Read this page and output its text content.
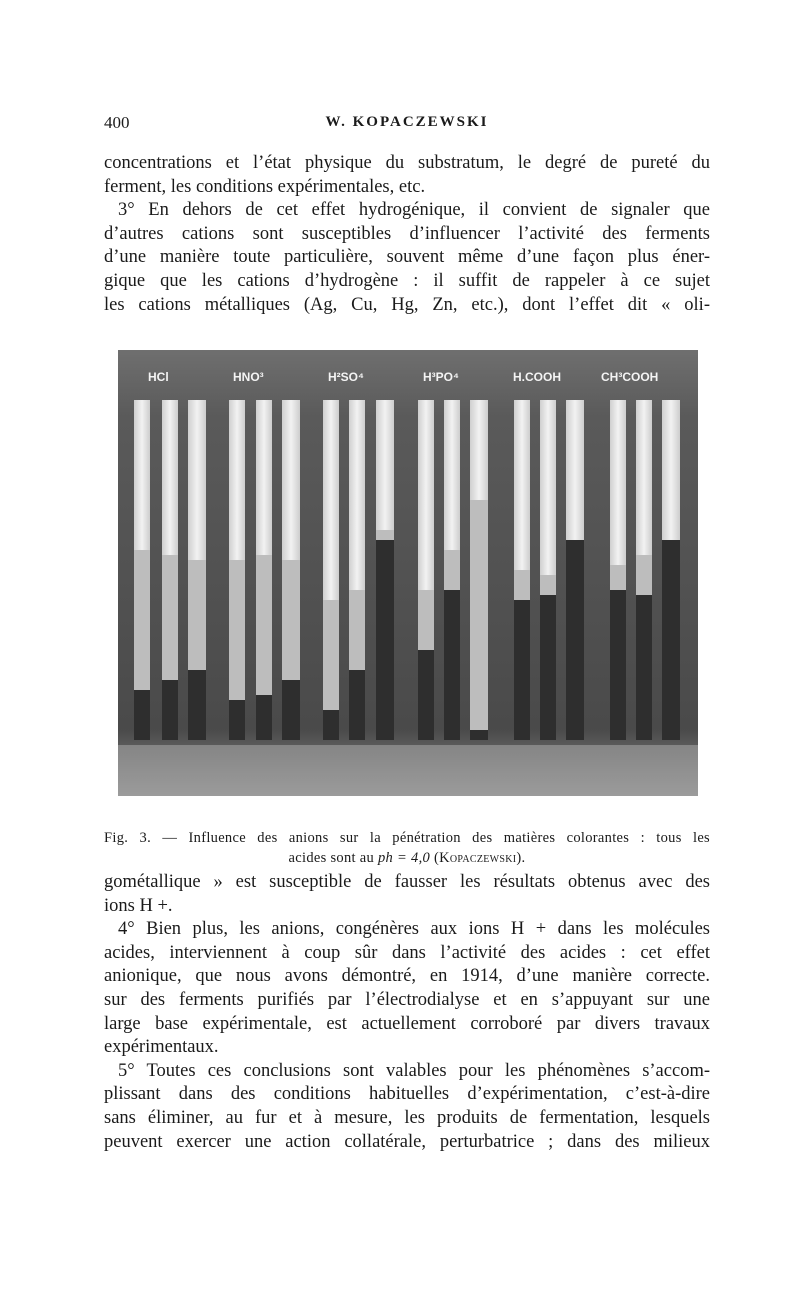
400	W. KOPACZEWSKI
concentrations et l’état physique du substratum, le degré de pureté du
ferment, les conditions expérimentales, etc.
3° En dehors de cet effet hydrogénique, il convient de signaler que
d’autres cations sont susceptibles d’influencer l’activité des ferments
d’une manière toute particulière, souvent même d’une façon plus éner-
gique que les cations d’hydrogène : il suffit de rappeler à ce sujet
les cations métalliques (Ag, Cu, Hg, Zn, etc.), dont l’effet dit « oli-
HCl	HNO³	H²SO⁴	H³PO⁴	H.COOH	CH³COOH
Fig. 3. — Influence des anions sur la pénétration des matières colorantes : tous les
acides sont au ph = 4,0 (Kopaczewski).
gométallique » est susceptible de fausser les résultats obtenus avec des
ions H +.
4° Bien plus, les anions, congénères aux ions H + dans les molécules
acides, interviennent à coup sûr dans l’activité des acides : cet effet
anionique, que nous avons démontré, en 1914, d’une manière correcte.
sur des ferments purifiés par l’électrodialyse et en s’appuyant sur une
large base expérimentale, est actuellement corroboré par divers travaux
expérimentaux.
5° Toutes ces conclusions sont valables pour les phénomènes s’accom-
plissant dans des conditions habituelles d’expérimentation, c’est-à-dire
sans éliminer, au fur et à mesure, les produits de fermentation, lesquels
peuvent exercer une action collatérale, perturbatrice ; dans des milieux
